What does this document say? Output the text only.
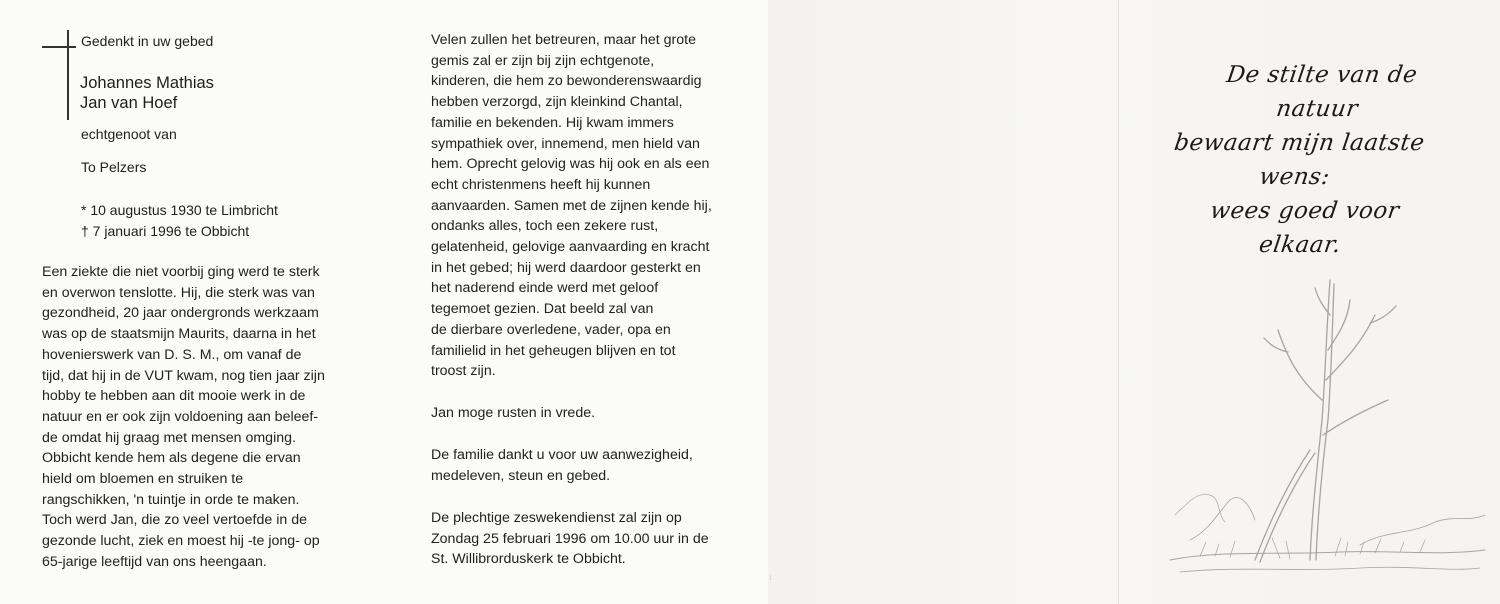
Gedenkt in uw gebed
Johannes Mathias
Jan van Hoef
echtgenoot van
To Pelzers
* 10 augustus 1930 te Limbricht
† 7 januari 1996 te Obbicht
Een ziekte die niet voorbij ging werd te sterk
en overwon tenslotte. Hij, die sterk was van
gezondheid, 20 jaar ondergronds werkzaam
was op de staatsmijn Maurits, daarna in het
hovenierswerk van D. S. M., om vanaf de
tijd, dat hij in de VUT kwam, nog tien jaar zijn
hobby te hebben aan dit mooie werk in de
natuur en er ook zijn voldoening aan beleef-
de omdat hij graag met mensen omging.
Obbicht kende hem als degene die ervan
hield om bloemen en struiken te
rangschikken, 'n tuintje in orde te maken.
Toch werd Jan, die zo veel vertoefde in de
gezonde lucht, ziek en moest hij -te jong- op
65-jarige leeftijd van ons heengaan.
Velen zullen het betreuren, maar het grote
gemis zal er zijn bij zijn echtgenote,
kinderen, die hem zo bewonderenswaardig
hebben verzorgd, zijn kleinkind Chantal,
familie en bekenden. Hij kwam immers
sympathiek over, innemend, men hield van
hem. Oprecht gelovig was hij ook en als een
echt christenmens heeft hij kunnen
aanvaarden. Samen met de zijnen kende hij,
ondanks alles, toch een zekere rust,
gelatenheid, gelovige aanvaarding en kracht
in het gebed; hij werd daardoor gesterkt en
het naderend einde werd met geloof
tegemoet gezien. Dat beeld zal van
de dierbare overledene, vader, opa en
familielid in het geheugen blijven en tot
troost zijn.
Jan moge rusten in vrede.
De familie dankt u voor uw aanwezigheid,
medeleven, steun en gebed.
De plechtige zeswekendienst zal zijn op
Zondag 25 februari 1996 om 10.00 uur in de
St. Willibrorduskerk te Obbicht.
De stilte van de natuur
bewaart mijn laatste wens:
wees goed voor elkaar.
⁞
